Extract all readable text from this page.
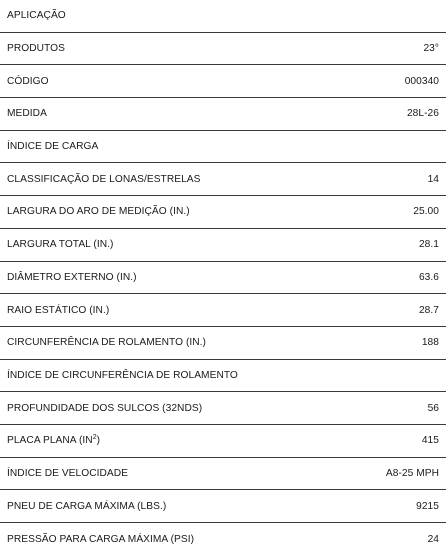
APLICAÇÃO
PRODUTOS	23°
CÓDIGO	000340
MEDIDA	28L-26
ÍNDICE DE CARGA
CLASSIFICAÇÃO DE LONAS/ESTRELAS	14
LARGURA DO ARO DE MEDIÇÃO (IN.)	25.00
LARGURA TOTAL (IN.)	28.1
DIÂMETRO EXTERNO (IN.)	63.6
RAIO ESTÁTICO (IN.)	28.7
CIRCUNFERÊNCIA DE ROLAMENTO (IN.)	188
ÍNDICE DE CIRCUNFERÊNCIA DE ROLAMENTO
PROFUNDIDADE DOS SULCOS (32NDS)	56
PLACA PLANA $(IN^2)$	415
ÍNDICE DE VELOCIDADE	A8-25 MPH
PNEU DE CARGA MÁXIMA (LBS.)	9215
PRESSÃO PARA CARGA MÁXIMA (PSI)	24
